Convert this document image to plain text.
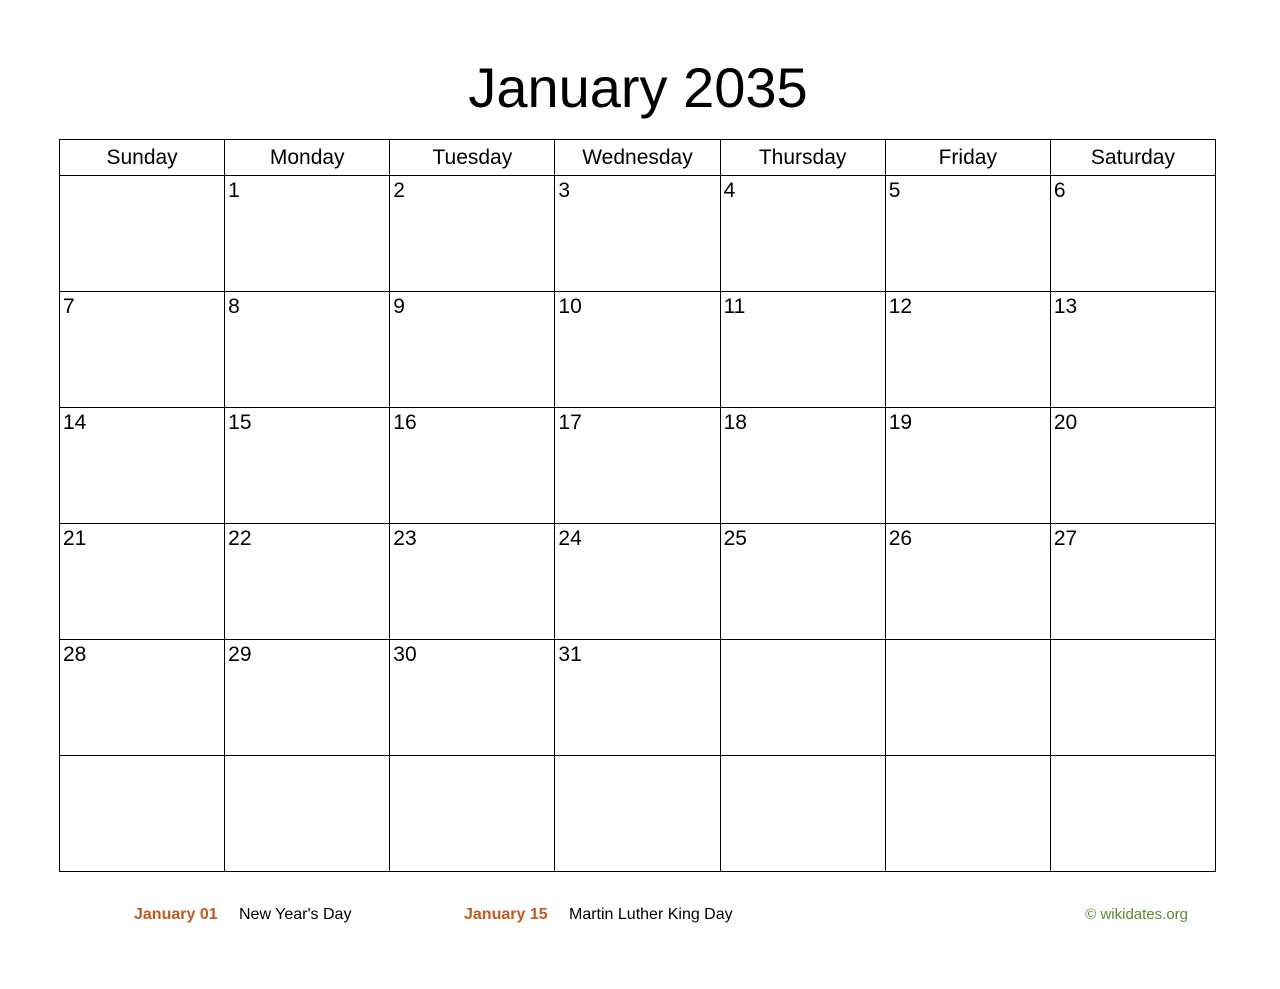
January 2035
Sunday	Monday	Tuesday	Wednesday	Thursday	Friday	Saturday

	1	2	3	4	5	6

7	8	9	10	11	12	13

14	15	16	17	18	19	20

21	22	23	24	25	26	27

28	29	30	31			

January 01 New Year's Day	January 15 Martin Luther King Day	© wikidates.org
